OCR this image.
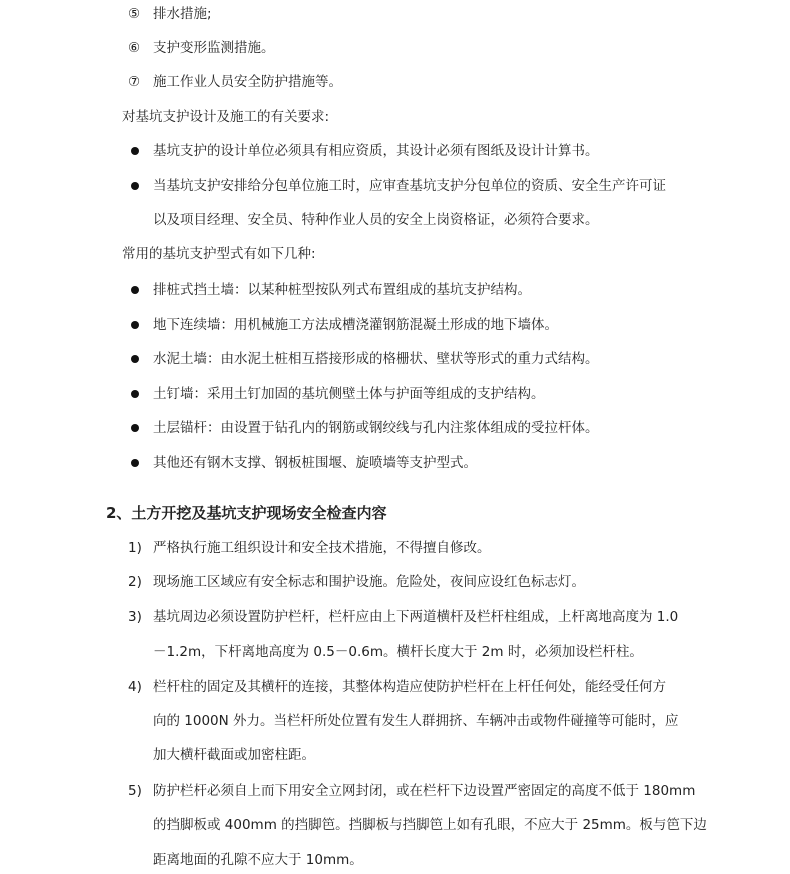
⑤ 排水措施;
⑥ 支护变形监测措施。
⑦ 施工作业人员安全防护措施等。
对基坑支护设计及施工的有关要求:
基坑支护的设计单位必须具有相应资质，其设计必须有图纸及设计计算书。
当基坑支护安排给分包单位施工时，应审查基坑支护分包单位的资质、安全生产许可证
以及项目经理、安全员、特种作业人员的安全上岗资格证，必须符合要求。
常用的基坑支护型式有如下几种:
排桩式挡土墙：以某种桩型按队列式布置组成的基坑支护结构。
地下连续墙：用机械施工方法成槽浇灌钢筋混凝土形成的地下墙体。
水泥土墙：由水泥土桩相互搭接形成的格栅状、壁状等形式的重力式结构。
土钉墙：采用土钉加固的基坑侧壁土体与护面等组成的支护结构。
土层锚杆：由设置于钻孔内的钢筋或钢绞线与孔内注浆体组成的受拉杆体。
其他还有钢木支撑、钢板桩围堰、旋喷墙等支护型式。
2、土方开挖及基坑支护现场安全检查内容
1) 严格执行施工组织设计和安全技术措施，不得擅自修改。
2) 现场施工区域应有安全标志和围护设施。危险处，夜间应设红色标志灯。
3) 基坑周边必须设置防护栏杆，栏杆应由上下两道横杆及栏杆柱组成，上杆离地高度为 1.0
－1.2m，下杆离地高度为 0.5－0.6m。横杆长度大于 2m 时，必须加设栏杆柱。
4) 栏杆柱的固定及其横杆的连接，其整体构造应使防护栏杆在上杆任何处，能经受任何方
向的 1000N 外力。当栏杆所处位置有发生人群拥挤、车辆冲击或物件碰撞等可能时，应
加大横杆截面或加密柱距。
5) 防护栏杆必须自上而下用安全立网封闭，或在栏杆下边设置严密固定的高度不低于 180mm
的挡脚板或 400mm 的挡脚笆。挡脚板与挡脚笆上如有孔眼，不应大于 25mm。板与笆下边
距离地面的孔隙不应大于 10mm。
